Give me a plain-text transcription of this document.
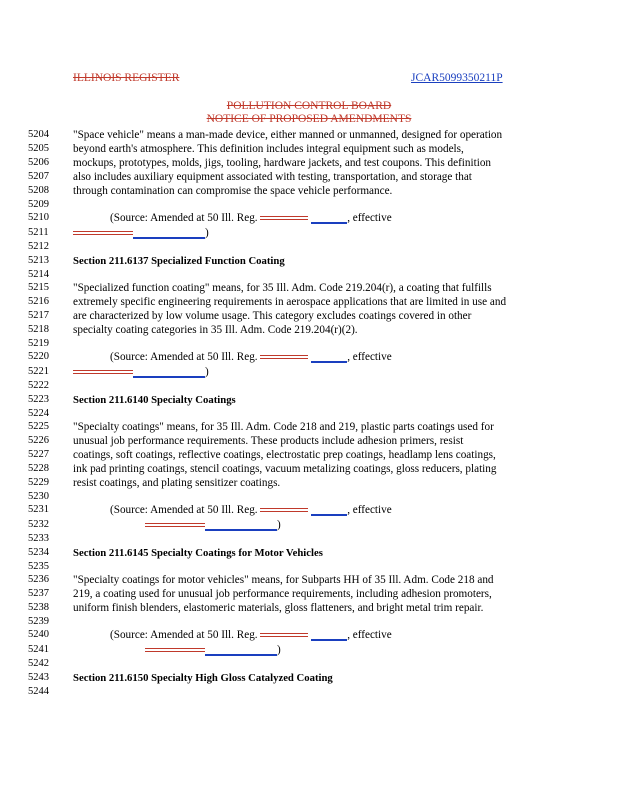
ILLINOIS REGISTER	JCAR5099350211P
POLLUTION CONTROL BOARD
NOTICE OF PROPOSED AMENDMENTS
5204
5205
5206
5207
5208
5209
5210
5211
5212
5213
5214
5215
5216
5217
5218
5219
5220
5221
5222
5223
5224
5225
5226
5227
5228
5229
5230
5231
5232
5233
5234
5235
5236
5237
5238
5239
5240
5241
5242
5243
5244
"Space vehicle" means a man-made device, either manned or unmanned, designed for operation
beyond earth's atmosphere. This definition includes integral equipment such as models,
mockups, prototypes, molds, jigs, tooling, hardware jackets, and test coupons. This definition
also includes auxiliary equipment associated with testing, transportation, and storage that
through contamination can compromise the space vehicle performance.
(Source: Amended at 50 Ill. Reg.	, effective
)
Section 211.6137 Specialized Function Coating
"Specialized function coating" means, for 35 Ill. Adm. Code 219.204(r), a coating that fulfills
extremely specific engineering requirements in aerospace applications that are limited in use and
are characterized by low volume usage. This category excludes coatings covered in other
specialty coating categories in 35 Ill. Adm. Code 219.204(r)(2).
(Source: Amended at 50 Ill. Reg.	, effective
)
Section 211.6140 Specialty Coatings
"Specialty coatings" means, for 35 Ill. Adm. Code 218 and 219, plastic parts coatings used for
unusual job performance requirements. These products include adhesion primers, resist
coatings, soft coatings, reflective coatings, electrostatic prep coatings, headlamp lens coatings,
ink pad printing coatings, stencil coatings, vacuum metalizing coatings, gloss reducers, plating
resist coatings, and plating sensitizer coatings.
(Source: Amended at 50 Ill. Reg.	, effective
)
Section 211.6145 Specialty Coatings for Motor Vehicles
"Specialty coatings for motor vehicles" means, for Subparts HH of 35 Ill. Adm. Code 218 and
219, a coating used for unusual job performance requirements, including adhesion promoters,
uniform finish blenders, elastomeric materials, gloss flatteners, and bright metal trim repair.
(Source: Amended at 50 Ill. Reg.	, effective
)
Section 211.6150 Specialty High Gloss Catalyzed Coating
